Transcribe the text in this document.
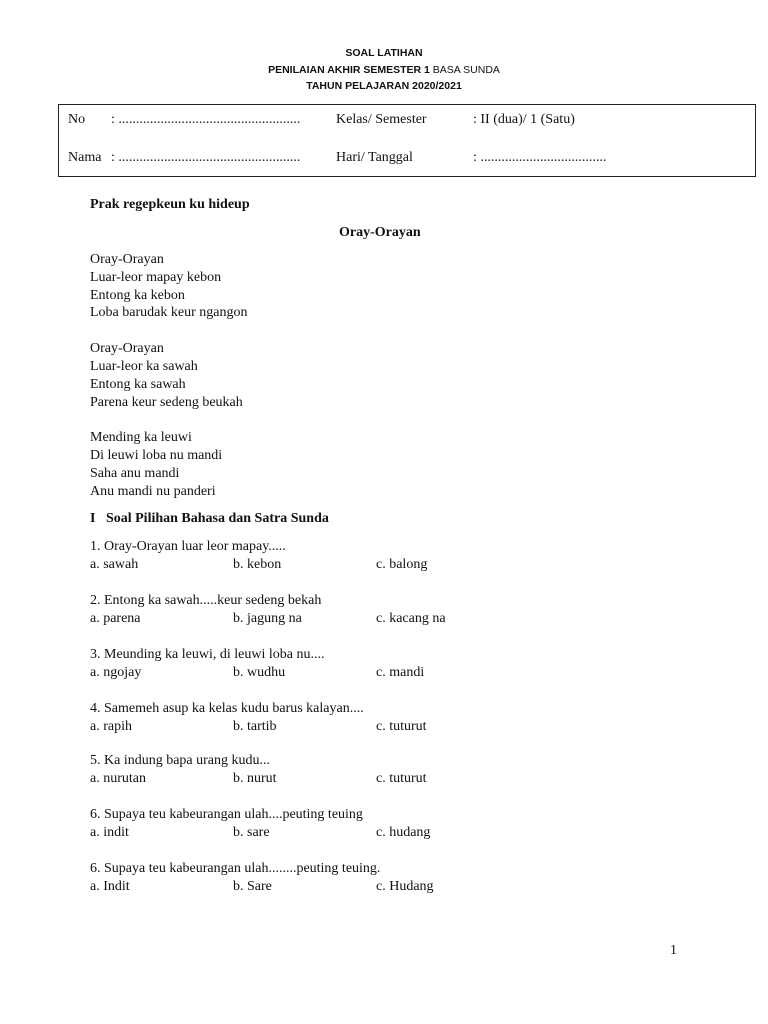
SOAL LATIHAN
PENILAIAN AKHIR SEMESTER 1 BASA SUNDA
TAHUN PELAJARAN 2020/2021
No : ....................................................	Kelas/ Semester	: II (dua)/ 1 (Satu)
Nama : ....................................................	Hari/ Tanggal	: ....................................
Prak regepkeun ku hideup
Oray-Orayan
Oray-Orayan
Luar-leor mapay kebon
Entong ka kebon
Loba barudak keur ngangon
Oray-Orayan
Luar-leor ka sawah
Entong ka sawah
Parena keur sedeng beukah
Mending ka leuwi
Di leuwi loba nu mandi
Saha anu mandi
Anu mandi nu panderi
I   Soal Pilihan Bahasa dan Satra Sunda
1. Oray-Orayan luar leor mapay.....
a. sawah	b. kebon	c. balong
2. Entong ka sawah.....keur sedeng bekah
a. parena	b. jagung na	c. kacang na
3. Meunding ka leuwi, di leuwi loba nu....
a. ngojay	b. wudhu	c. mandi
4. Samemeh asup ka kelas kudu barus kalayan....
a. rapih	b. tartib	c. tuturut
5. Ka indung bapa urang kudu...
a. nurutan	b. nurut	c. tuturut
6. Supaya teu kabeurangan ulah....peuting teuing
a. indit	b. sare	c. hudang
6. Supaya teu kabeurangan ulah........peuting teuing.
a. Indit	b. Sare	c. Hudang
1
